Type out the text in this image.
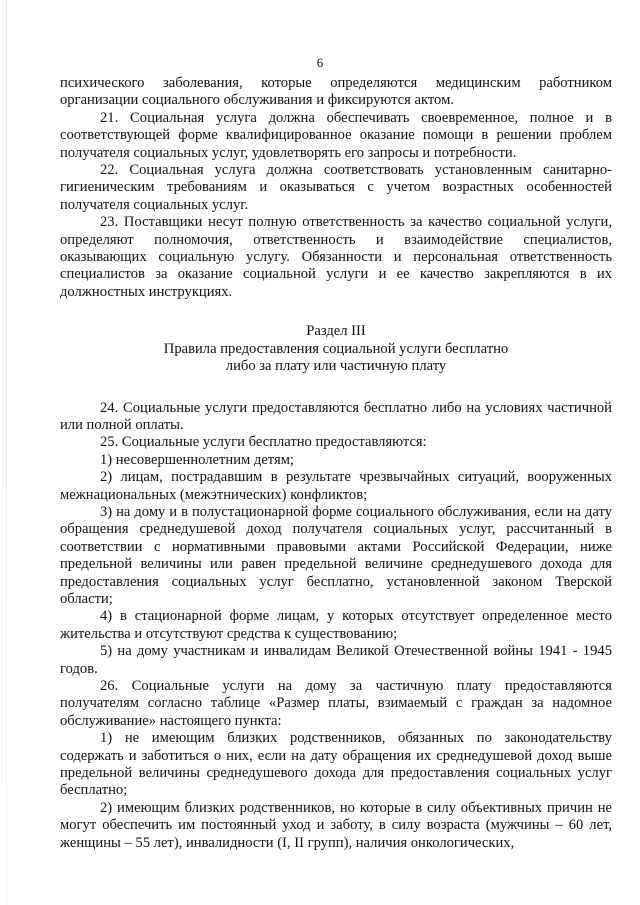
6

психического заболевания, которые определяются медицинским работником организации социального обслуживания и фиксируются актом.

21. Социальная услуга должна обеспечивать своевременное, полное и в соответствующей форме квалифицированное оказание помощи в решении проблем получателя социальных услуг, удовлетворять его запросы и потребности.

22. Социальная услуга должна соответствовать установленным санитарно-гигиеническим требованиям и оказываться с учетом возрастных особенностей получателя социальных услуг.

23. Поставщики несут полную ответственность за качество социальной услуги, определяют полномочия, ответственность и взаимодействие специалистов, оказывающих социальную услугу. Обязанности и персональная ответственность специалистов за оказание социальной услуги и ее качество закрепляются в их должностных инструкциях.

Раздел III

Правила предоставления социальной услуги бесплатно

либо за плату или частичную плату

24. Социальные услуги предоставляются бесплатно либо на условиях частичной или полной оплаты.

25. Социальные услуги бесплатно предоставляются:

1) несовершеннолетним детям;

2) лицам, пострадавшим в результате чрезвычайных ситуаций, вооруженных межнациональных (межэтнических) конфликтов;

3) на дому и в полустационарной форме социального обслуживания, если на дату обращения среднедушевой доход получателя социальных услуг, рассчитанный в соответствии с нормативными правовыми актами Российской Федерации, ниже предельной величины или равен предельной величине среднедушевого дохода для предоставления социальных услуг бесплатно, установленной законом Тверской области;

4) в стационарной форме лицам, у которых отсутствует определенное место жительства и отсутствуют средства к существованию;

5) на дому участникам и инвалидам Великой Отечественной войны 1941 - 1945 годов.

26. Социальные услуги на дому за частичную плату предоставляются получателям согласно таблице «Размер платы, взимаемый с граждан за надомное обслуживание» настоящего пункта:

1) не имеющим близких родственников, обязанных по законодательству содержать и заботиться о них, если на дату обращения их среднедушевой доход выше предельной величины среднедушевого дохода для предоставления социальных услуг бесплатно;

2) имеющим близких родственников, но которые в силу объективных причин не могут обеспечить им постоянный уход и заботу, в силу возраста (мужчины – 60 лет, женщины – 55 лет), инвалидности (I, II групп), наличия онкологических,
